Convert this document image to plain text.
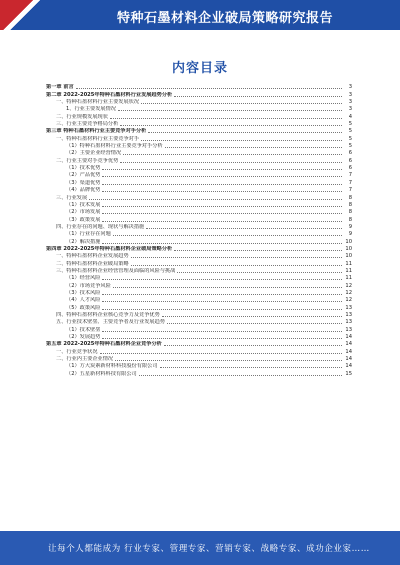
特种石墨材料企业破局策略研究报告
内容目录
第一章 前言	3
第二章 2022-2025年特种石墨材料行业发展趋势分析	3
一、特种石墨材料行业主要发展状况	3
1、行业主要发展情况	3
二、行业规模发展现状	4
三、行业主要竞争格局分析	5
第三章 特种石墨材料行业主要竞争对手分析	5
一、特种石墨材料行业主要竞争对手	5
（1）特种石墨材料行业主要竞争对手分析	5
（2）主要企业经营情况	6
二、行业主要对手竞争优势	6
（1）技术优势	6
（2）产品优势	7
（3）渠道优势	7
（4）品牌优势	7
三、行业发展	8
（1）技术发展	8
（2）市场发展	8
（3）政策发展	8
四、行业存在的问题、现状与解决措施	9
（1）行业存在问题	9
（2）解决措施	10
第四章 2022-2025年特种石墨材料企业破局策略分析	10
一、特种石墨材料企业发展趋势	10
二、特种石墨材料企业破局策略	11
三、特种石墨材料企业经营管理及面临的风险与挑战	11
（1）经营风险	11
（2）市场竞争风险	12
（3）技术风险	12
（4）人才风险	12
（5）政策风险	13
四、特种石墨材料企业核心竞争力及竞争优势	13
五、行业技术壁垒、主要竞争者及行业发展趋势	13
（1）技术壁垒	13
（2）发展趋势	14
第五章 2022-2025年特种石墨材料企业竞争分析	14
一、行业竞争状况	14
二、行业内主要企业情况	14
（1）方大炭素新材料科技股份有限公司	14
（2）五星新材料科技有限公司	15
让每个人都能成为 行业专家、管理专家、营销专家、战略专家、成功企业家……
